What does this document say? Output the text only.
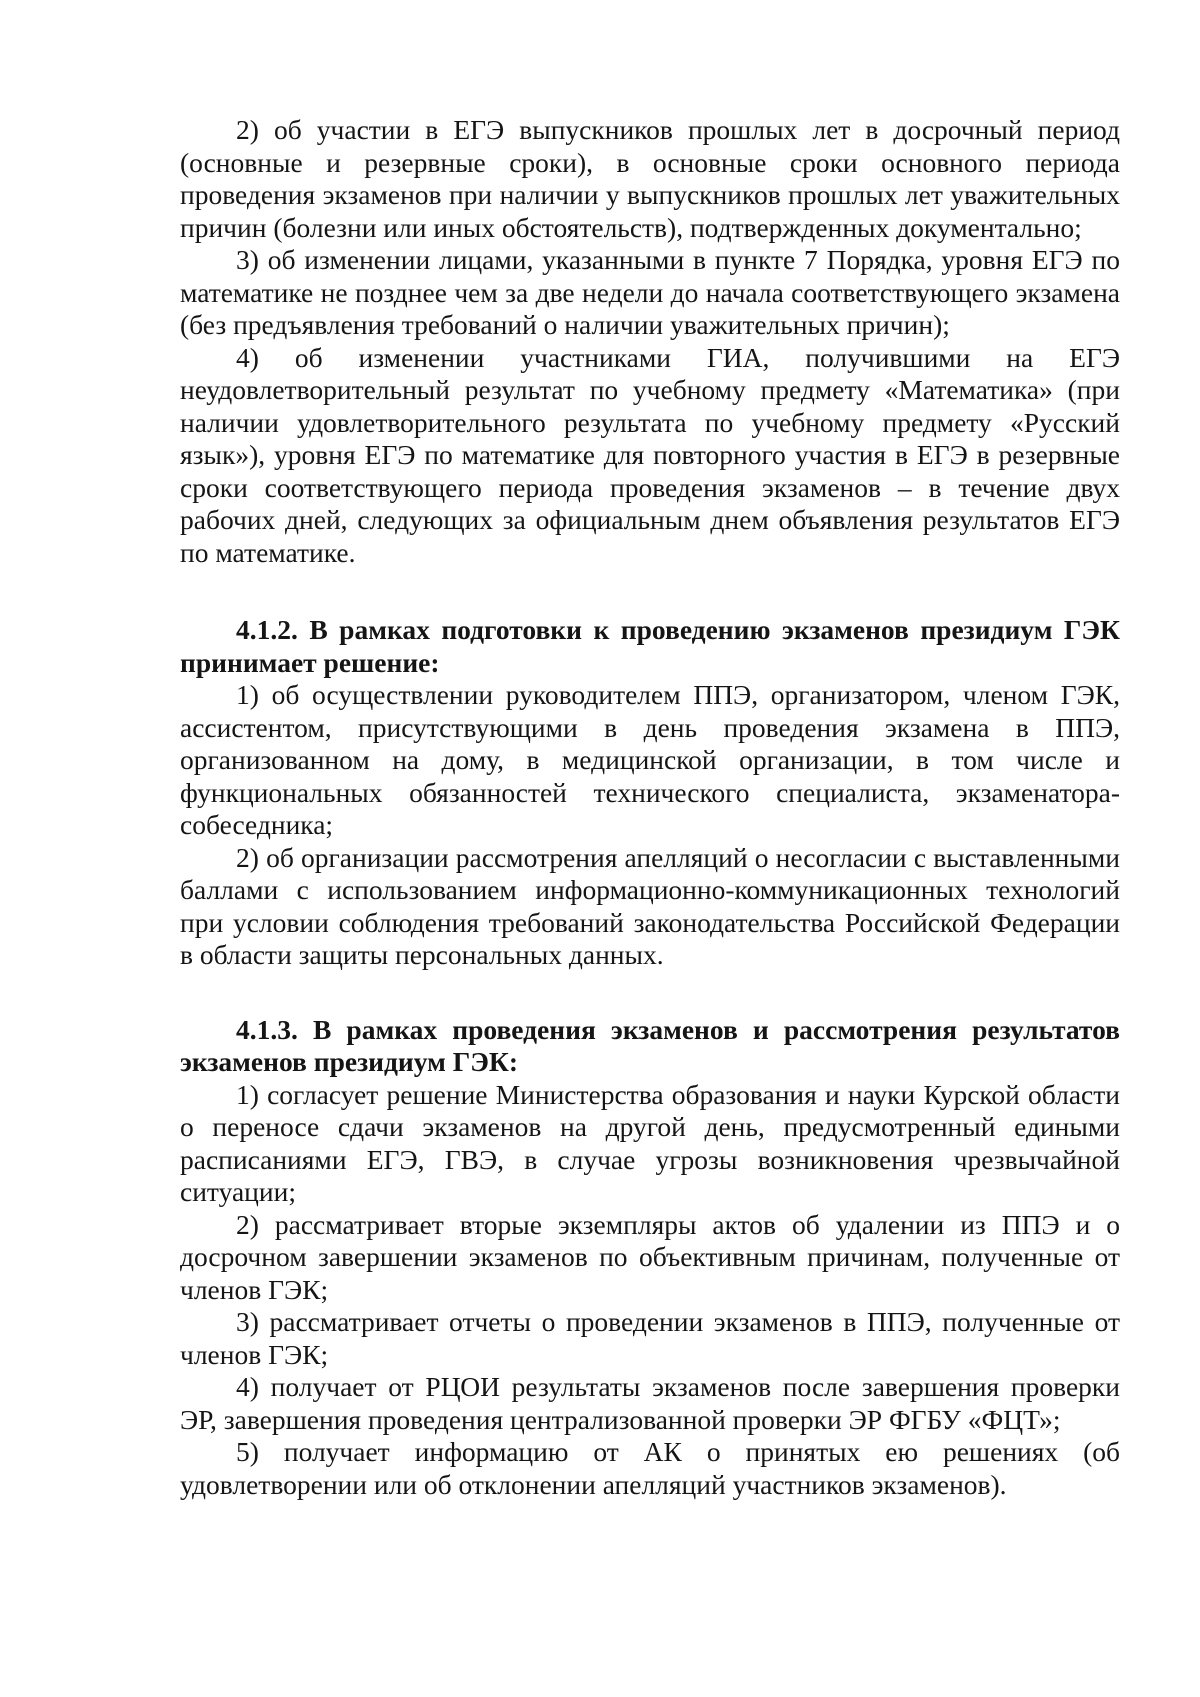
2) об участии в ЕГЭ выпускников прошлых лет в досрочный период (основные и резервные сроки), в основные сроки основного периода проведения экзаменов при наличии у выпускников прошлых лет уважительных причин (болезни или иных обстоятельств), подтвержденных документально;

3) об изменении лицами, указанными в пункте 7 Порядка, уровня ЕГЭ по математике не позднее чем за две недели до начала соответствующего экзамена (без предъявления требований о наличии уважительных причин);

4) об изменении участниками ГИА, получившими на ЕГЭ неудовлетворительный результат по учебному предмету «Математика» (при наличии удовлетворительного результата по учебному предмету «Русский язык»), уровня ЕГЭ по математике для повторного участия в ЕГЭ в резервные сроки соответствующего периода проведения экзаменов – в течение двух рабочих дней, следующих за официальным днем объявления результатов ЕГЭ по математике.

4.1.2. В рамках подготовки к проведению экзаменов президиум ГЭК принимает решение:

1) об осуществлении руководителем ППЭ, организатором, членом ГЭК, ассистентом, присутствующими в день проведения экзамена в ППЭ, организованном на дому, в медицинской организации, в том числе и функциональных обязанностей технического специалиста, экзаменатора-собеседника;

2) об организации рассмотрения апелляций о несогласии с выставленными баллами с использованием информационно-коммуникационных технологий при условии соблюдения требований законодательства Российской Федерации в области защиты персональных данных.

4.1.3. В рамках проведения экзаменов и рассмотрения результатов экзаменов президиум ГЭК:

1) согласует решение Министерства образования и науки Курской области о переносе сдачи экзаменов на другой день, предусмотренный едиными расписаниями ЕГЭ, ГВЭ, в случае угрозы возникновения чрезвычайной ситуации;

2) рассматривает вторые экземпляры актов об удалении из ППЭ и о досрочном завершении экзаменов по объективным причинам, полученные от членов ГЭК;

3) рассматривает отчеты о проведении экзаменов в ППЭ, полученные от членов ГЭК;

4) получает от РЦОИ результаты экзаменов после завершения проверки ЭР, завершения проведения централизованной проверки ЭР ФГБУ «ФЦТ»;

5) получает информацию от АК о принятых ею решениях (об удовлетворении или об отклонении апелляций участников экзаменов).
